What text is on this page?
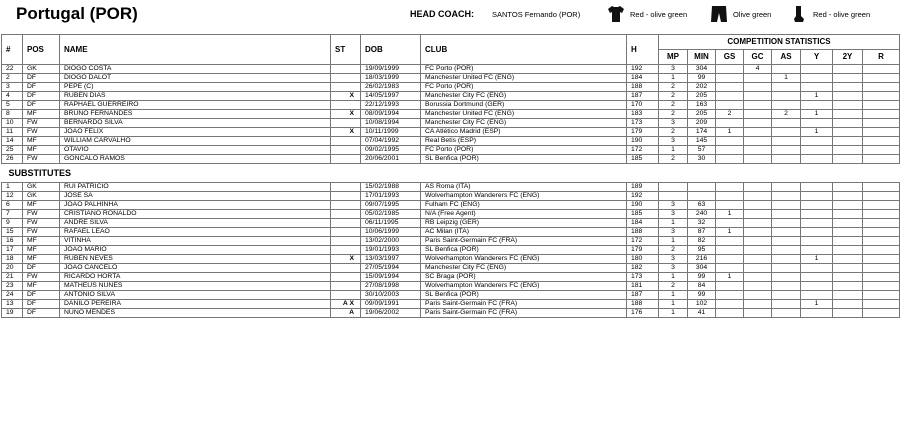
Portugal (POR)	HEAD COACH: SANTOS Fernando (POR)	Red - olive green	Olive green	Red - olive green
#	POS	NAME	ST	DOB	CLUB	H	COMPETITION STATISTICS							
							MP	MIN	GS	GC	AS	Y	2Y	R
22	GK	DIOGO COSTA		19/09/1999	FC Porto (POR)	192	3	304		4				
2	DF	DIOGO DALOT		18/03/1999	Manchester United FC (ENG)	184	1	99			1			
3	DF	PEPE (C)		26/02/1983	FC Porto (POR)	188	2	202						
4	DF	RUBEN DIAS	X	14/05/1997	Manchester City FC (ENG)	187	2	205				1		
5	DF	RAPHAEL GUERREIRO		22/12/1993	Borussia Dortmund (GER)	170	2	163						
8	MF	BRUNO FERNANDES	X	08/09/1994	Manchester United FC (ENG)	183	2	205	2		2	1		
10	FW	BERNARDO SILVA		10/08/1994	Manchester City FC (ENG)	173	3	209						
11	FW	JOAO FELIX	X	10/11/1999	CA Atlético Madrid (ESP)	179	2	174	1			1		
14	MF	WILLIAM CARVALHO		07/04/1992	Real Betis (ESP)	190	3	145						
25	MF	OTAVIO		09/02/1995	FC Porto (POR)	172	1	57						
26	FW	GONCALO RAMOS		20/06/2001	SL Benfica (POR)	185	2	30						
SUBSTITUTES														
1	GK	RUI PATRICIO		15/02/1988	AS Roma (ITA)	189								
12	GK	JOSE SA		17/01/1993	Wolverhampton Wanderers FC (ENG)	192								
6	MF	JOAO PALHINHA		09/07/1995	Fulham FC (ENG)	190	3	63						
7	FW	CRISTIANO RONALDO		05/02/1985	N/A (Free Agent)	185	3	240	1					
9	FW	ANDRE SILVA		06/11/1995	RB Leipzig (GER)	184	1	32						
15	FW	RAFAEL LEAO		10/06/1999	AC Milan (ITA)	188	3	87	1					
16	MF	VITINHA		13/02/2000	Paris Saint-Germain FC (FRA)	172	1	82						
17	MF	JOAO MARIO		19/01/1993	SL Benfica (POR)	179	2	95						
18	MF	RUBEN NEVES	X	13/03/1997	Wolverhampton Wanderers FC (ENG)	180	3	216				1		
20	DF	JOAO CANCELO		27/05/1994	Manchester City FC (ENG)	182	3	304						
21	FW	RICARDO HORTA		15/09/1994	SC Braga (POR)	173	1	99	1					
23	MF	MATHEUS NUNES		27/08/1998	Wolverhampton Wanderers FC (ENG)	181	2	84						
24	DF	ANTONIO SILVA		30/10/2003	SL Benfica (POR)	187	1	99						
13	DF	DANILO PEREIRA	A X	09/09/1991	Paris Saint-Germain FC (FRA)	188	1	102				1		
19	DF	NUNO MENDES	A	19/06/2002	Paris Saint-Germain FC (FRA)	176	1	41						
